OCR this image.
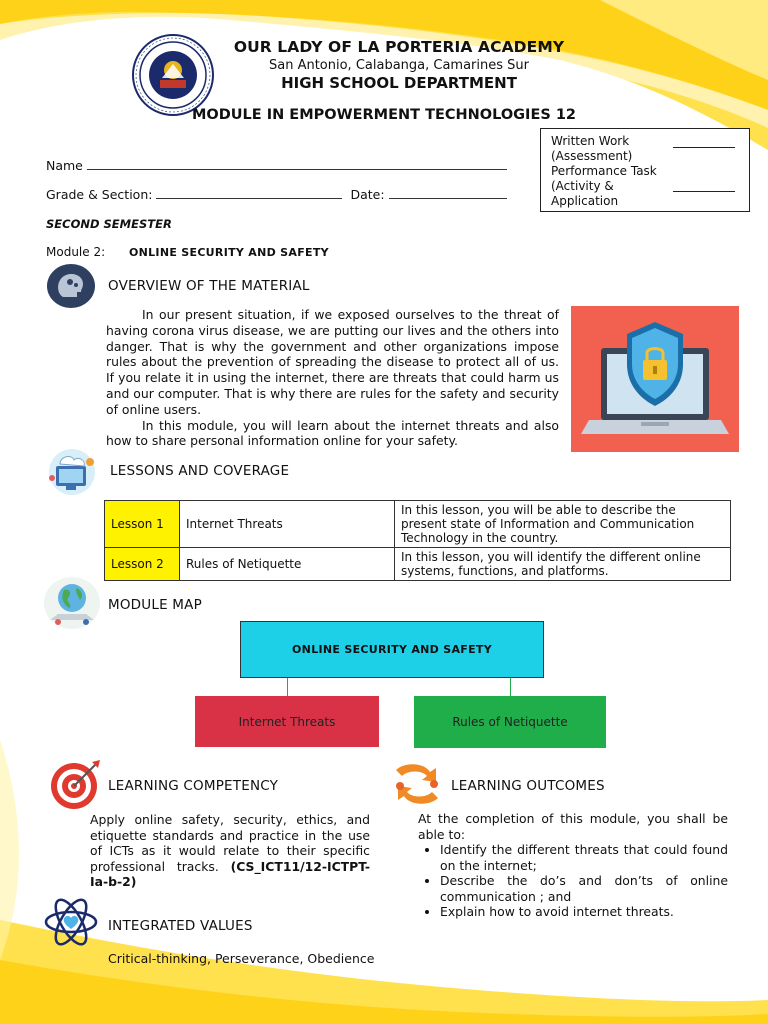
OUR LADY OF LA PORTERIA ACADEMY
San Antonio, Calabanga, Camarines Sur
HIGH SCHOOL DEPARTMENT
MODULE IN EMPOWERMENT TECHNOLOGIES 12
Written Work (Assessment)
Performance Task (Activity & Application
Name
Grade & Section:	Date:
SECOND SEMESTER
Module 2: ONLINE SECURITY AND SAFETY
OVERVIEW OF THE MATERIAL

In our present situation, if we exposed ourselves to the threat of having corona virus disease, we are putting our lives and the others into danger. That is why the government and other organizations impose rules about the prevention of spreading the disease to protect all of us. If you relate it in using the internet, there are threats that could harm us and our computer. That is why there are rules for the safety and security of online users.

In this module, you will learn about the internet threats and also how to share personal information online for your safety.

LESSONS AND COVERAGE
Lesson 1	Internet Threats	In this lesson, you will be able to describe the present state of Information and Communication Technology in the country.
Lesson 2	Rules of Netiquette	In this lesson, you will identify the different online systems, functions, and platforms.
MODULE MAP
ONLINE SECURITY AND SAFETY
Internet Threats	Rules of Netiquette
LEARNING COMPETENCY
Apply online safety, security, ethics, and etiquette standards and practice in the use of ICTs as it would relate to their specific professional tracks. (CS_ICT11/12-ICTPT-Ia-b-2)
LEARNING OUTCOMES
At the completion of this module, you shall be able to:
• Identify the different threats that could found on the internet;
• Describe the do’s and don’ts of online communication ; and
• Explain how to avoid internet threats.
INTEGRATED VALUES
Critical-thinking, Perseverance, Obedience
